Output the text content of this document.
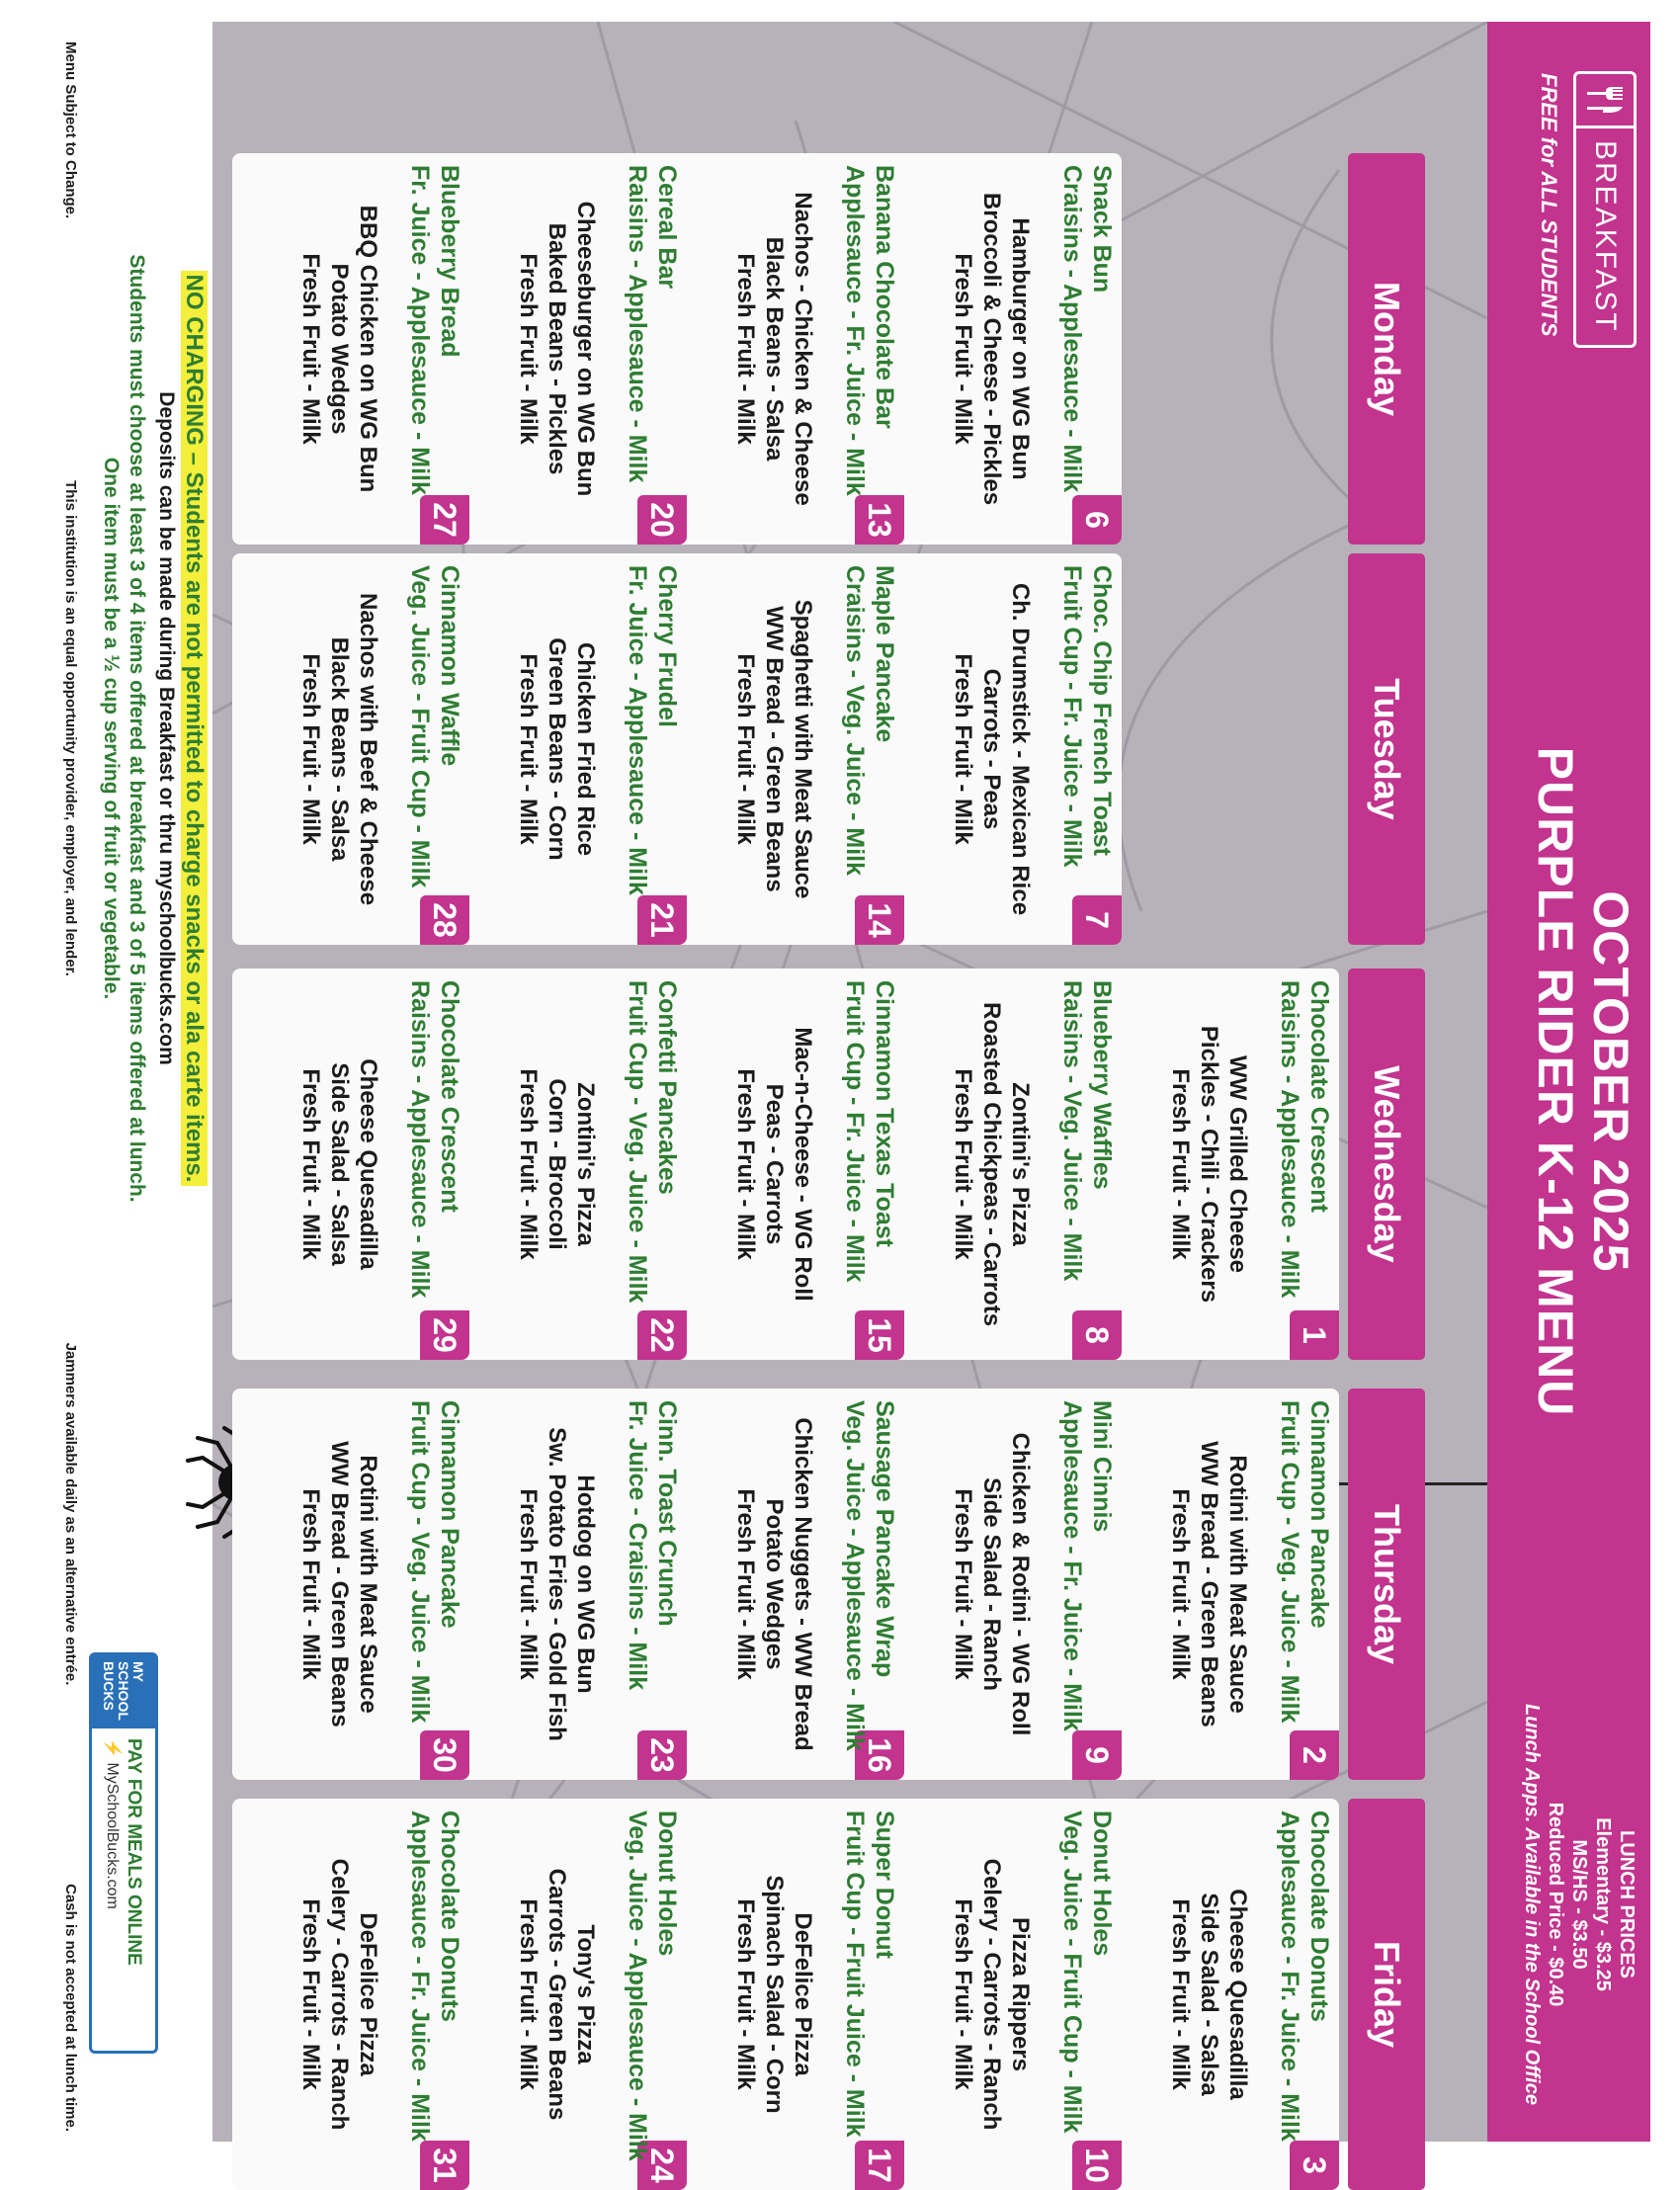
BREAKFAST
FREE for ALL STUDENTS
OCTOBER 2025
PURPLE RIDER K-12 MENU
LUNCH PRICES
Elementary - $3.25
MS/HS - $3.50
Reduced Price - $0.40
Lunch Apps. Available in the School Office
Monday
Tuesday
Wednesday
Thursday
Friday
1
Chocolate Crescent
Raisins - Applesauce - Milk
WW Grilled Cheese
Pickles - Chili - Crackers
Fresh Fruit - Milk
2
Cinnamon Pancake
Fruit Cup - Veg. Juice - Milk
Rotini with Meat Sauce
WW Bread - Green Beans
Fresh Fruit - Milk
3
Chocolate Donuts
Applesauce - Fr. Juice - Milk
Cheese Quesadilla
Side Salad - Salsa
Fresh Fruit - Milk
6
Snack Bun
Craisins - Applesauce - Milk
Hamburger on WG Bun
Broccoli & Cheese - Pickles
Fresh Fruit - Milk
7
Choc. Chip French Toast
Fruit Cup - Fr. Juice - Milk
Ch. Drumstick - Mexican Rice
Carrots - Peas
Fresh Fruit - Milk
8
Blueberry Waffles
Raisins - Veg. Juice - Milk
Zontini's Pizza
Roasted Chickpeas - Carrots
Fresh Fruit - Milk
9
Mini Cinnis
Applesauce - Fr. Juice - Milk
Chicken & Rotini - WG Roll
Side Salad - Ranch
Fresh Fruit - Milk
10
Donut Holes
Veg. Juice - Fruit Cup - Milk
Pizza Rippers
Celery - Carrots - Ranch
Fresh Fruit - Milk
13
Banana Chocolate Bar
Applesauce - Fr. Juice - Milk
Nachos - Chicken & Cheese
Black Beans - Salsa
Fresh Fruit - Milk
14
Maple Pancake
Craisins - Veg. Juice - Milk
Spaghetti with Meat Sauce
WW Bread - Green Beans
Fresh Fruit - Milk
15
Cinnamon Texas Toast
Fruit Cup - Fr. Juice - Milk
Mac-n-Cheese - WG Roll
Peas - Carrots
Fresh Fruit - Milk
16
Sausage Pancake Wrap
Veg. Juice - Applesauce - Milk
Chicken Nuggets - WW Bread
Potato Wedges
Fresh Fruit - Milk
17
Super Donut
Fruit Cup - Fruit Juice - Milk
DeFelice Pizza
Spinach Salad - Corn
Fresh Fruit - Milk
20
Cereal Bar
Raisins - Applesauce - Milk
Cheeseburger on WG Bun
Baked Beans - Pickles
Fresh Fruit - Milk
21
Cherry Frudel
Fr. Juice - Applesauce - Milk
Chicken Fried Rice
Green Beans - Corn
Fresh Fruit - Milk
22
Confetti Pancakes
Fruit Cup - Veg. Juice - Milk
Zontini's Pizza
Corn - Broccoli
Fresh Fruit - Milk
23
Cinn. Toast Crunch
Fr. Juice - Craisins - Milk
Hotdog on WG Bun
Sw. Potato Fries - Gold Fish
Fresh Fruit - Milk
24
Donut Holes
Veg. Juice - Applesauce - Milk
Tony's Pizza
Carrots - Green Beans
Fresh Fruit - Milk
27
Blueberry Bread
Fr. Juice - Applesauce - Milk
BBQ Chicken on WG Bun
Potato Wedges
Fresh Fruit - Milk
28
Cinnamon Waffle
Veg. Juice - Fruit Cup - Milk
Nachos with Beef & Cheese
Black Beans - Salsa
Fresh Fruit - Milk
29
Chocolate Crescent
Raisins - Applesauce - Milk
Cheese Quesadilla
Side Salad - Salsa
Fresh Fruit - Milk
30
Cinnamon Pancake
Fruit Cup - Veg. Juice - Milk
Rotini with Meat Sauce
WW Bread - Green Beans
Fresh Fruit - Milk
31
Chocolate Donuts
Applesauce - Fr. Juice - Milk
DeFelice Pizza
Celery - Carrots - Ranch
Fresh Fruit - Milk
NO CHARGING – Students are not permitted to charge snacks or ala carte items.
Deposits can be made during Breakfast or thru myschoolbucks.com
Students must choose at least 3 of 4 items offered at breakfast and 3 of 5 items offered at lunch.
One item must be a ½ cup serving of fruit or vegetable.
Menu Subject to Change.
This institution is an equal opportunity provider, employer, and lender.
Jammers available daily as an alternative entrée.
Cash is not accepted at lunch time.
MY
SCHOOL
BUCKS
PAY FOR MEALS ONLINE
⚡ MySchoolBucks.com
